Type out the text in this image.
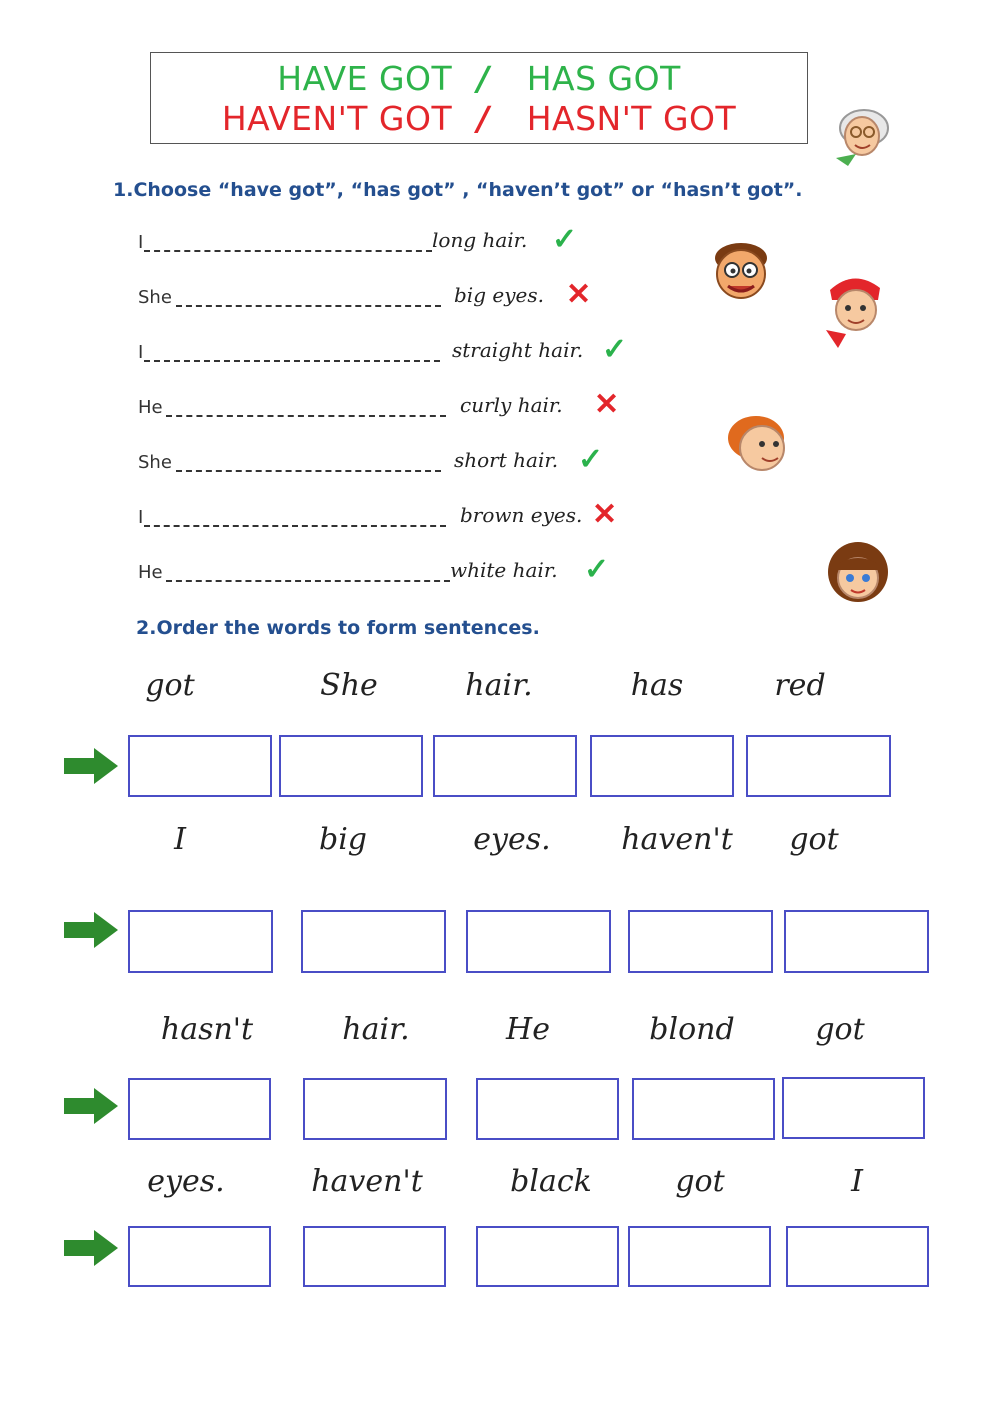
HAVE GOT / HAS GOT
HAVEN'T GOT / HASN'T GOT
1.Choose “have got”, “has got” , “haven’t got” or “hasn’t got”.
I	long hair. ✓
She	big eyes. ✕
I	straight hair. ✓
He	curly hair. ✕
She	short hair. ✓
I	brown eyes. ✕
He	white hair. ✓
2.Order the words to form sentences.
got	She	hair.	has	red
I	big	eyes. haven't got
hasn't	hair.	He	blond	got
eyes.	haven't	black	got	I
